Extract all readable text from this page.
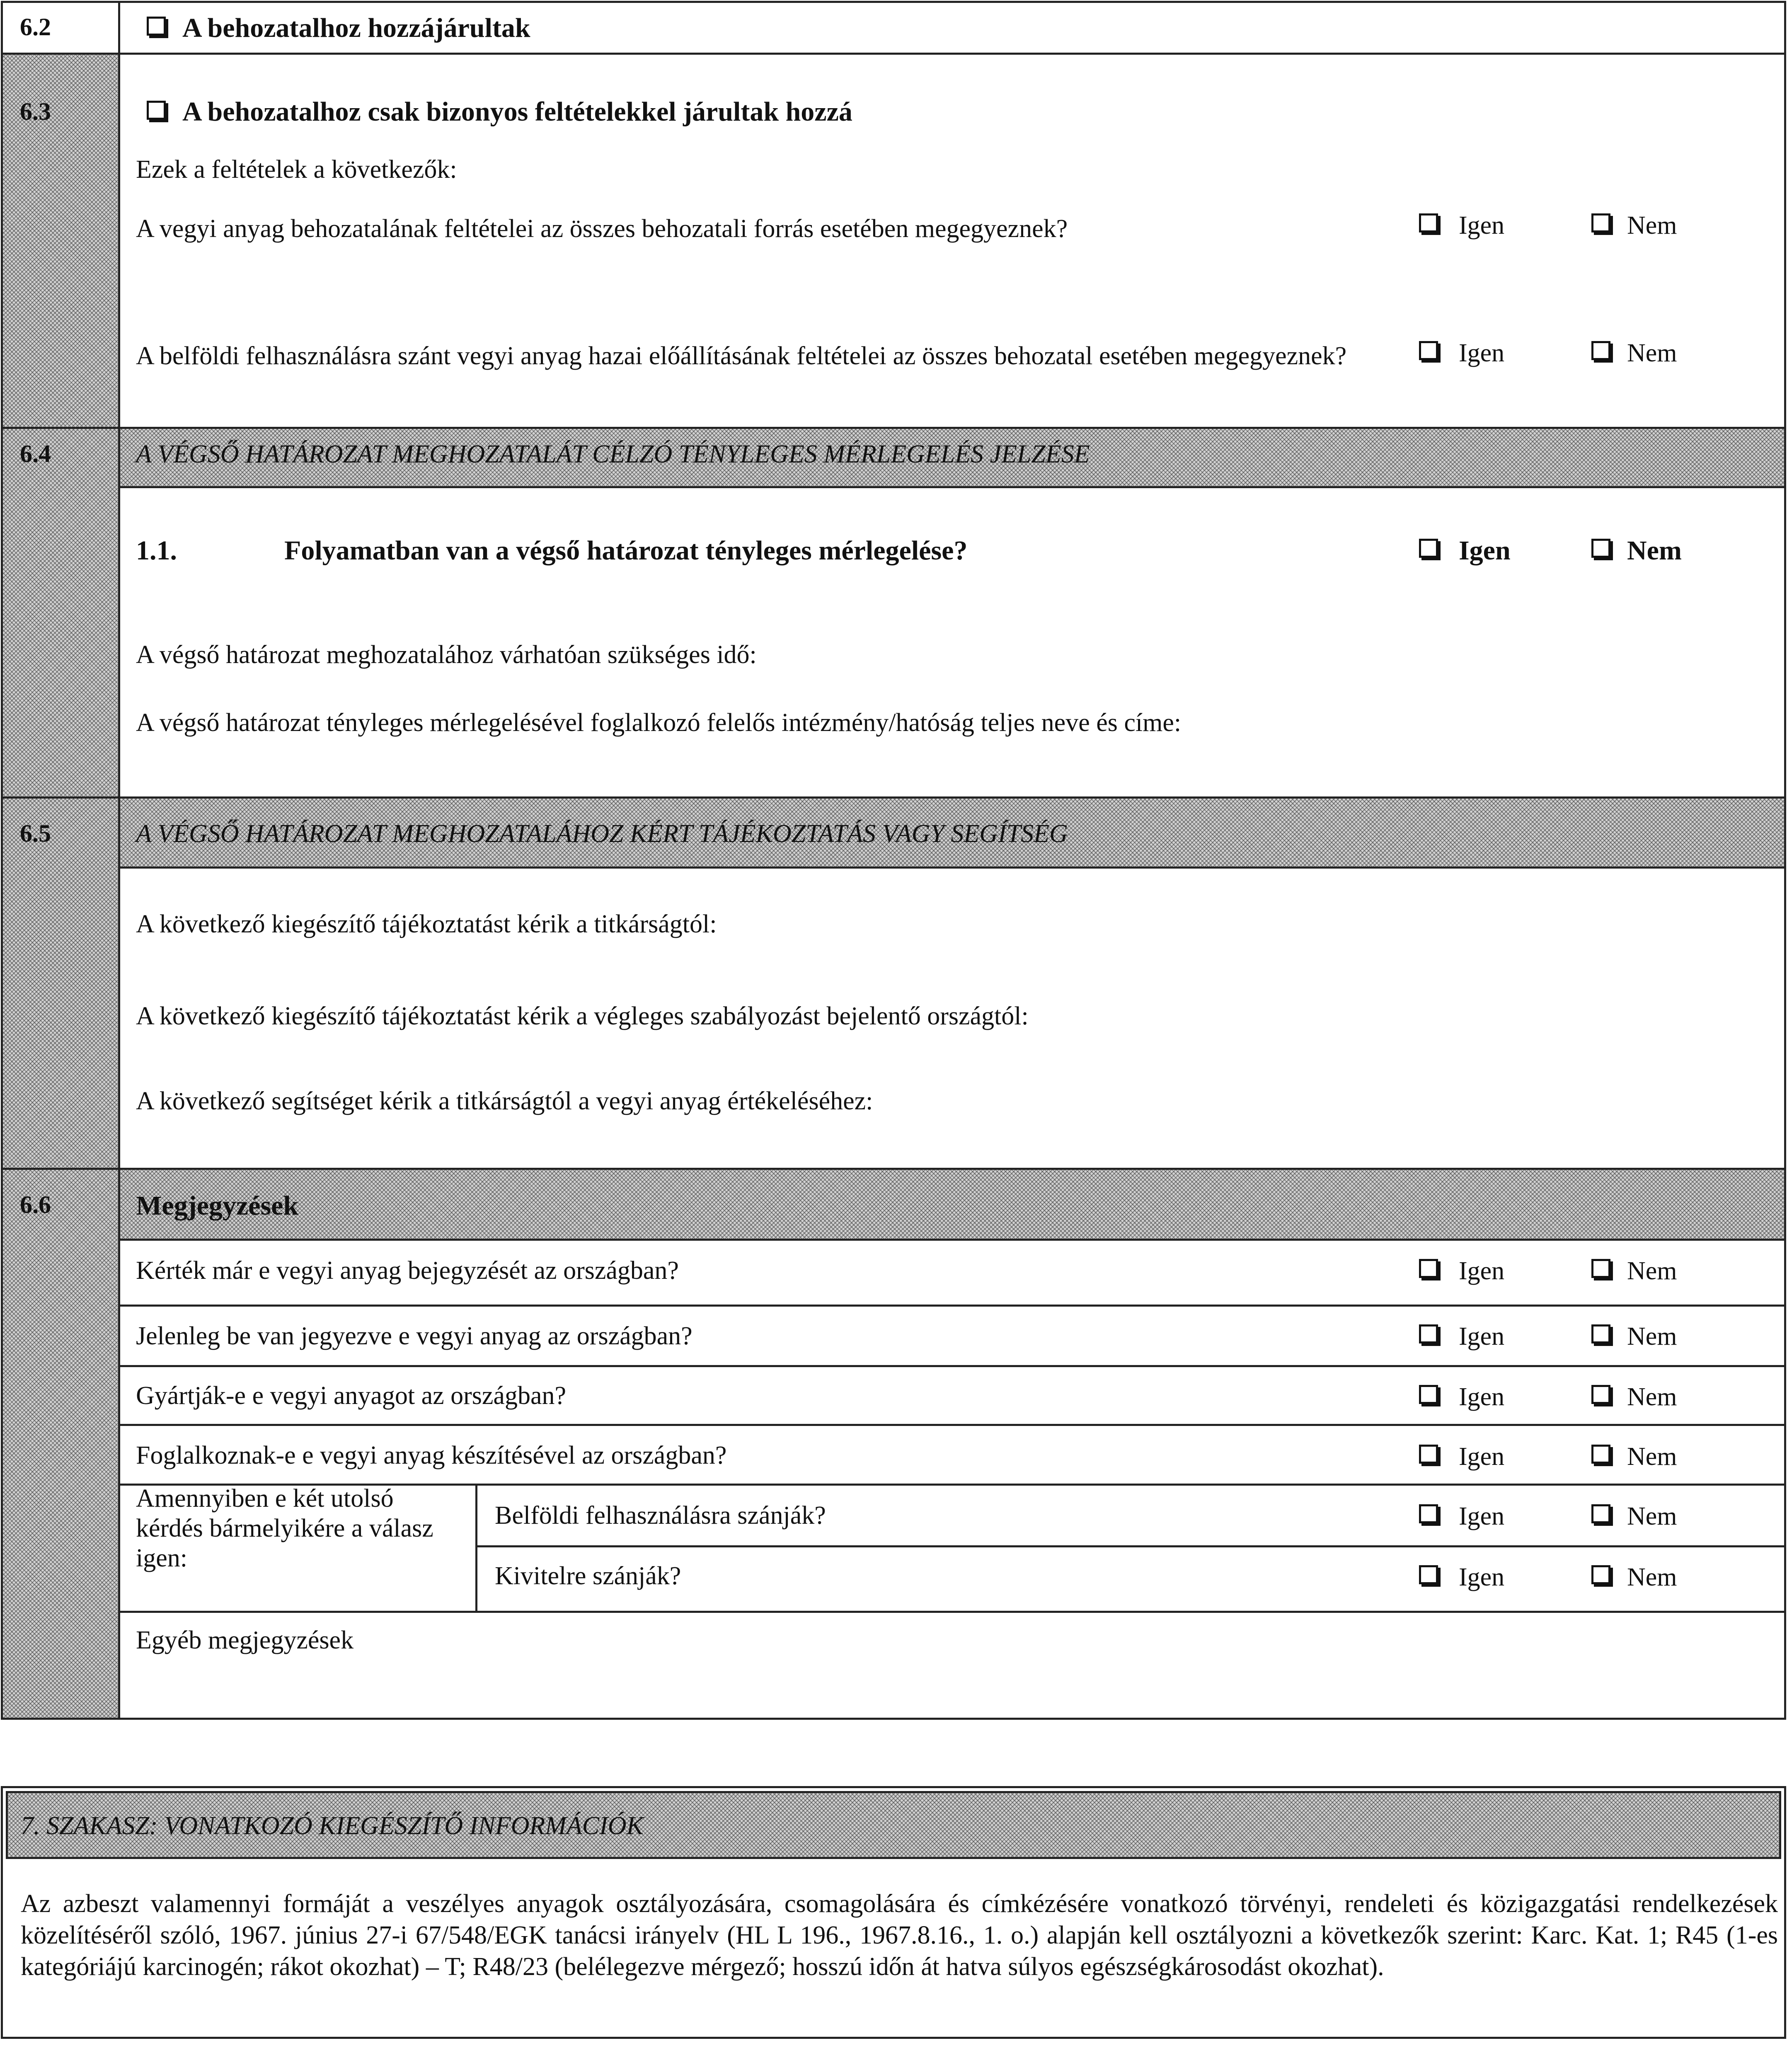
6.2	A behozatalhoz hozzájárultak
6.3	A behozatalhoz csak bizonyos feltételekkel járultak hozzá
Ezek a feltételek a következők:
A vegyi anyag behozatalának feltételei az összes behozatali forrás esetében megegyeznek?	Igen	Nem
A belföldi felhasználásra szánt vegyi anyag hazai előállításának feltételei az összes behozatal esetében megegyeznek?	Igen	Nem
6.4	A VÉGSŐ HATÁROZAT MEGHOZATALÁT CÉLZÓ TÉNYLEGES MÉRLEGELÉS JELZÉSE
1.1.	Folyamatban van a végső határozat tényleges mérlegelése?	Igen	Nem
A végső határozat meghozatalához várhatóan szükséges idő:
A végső határozat tényleges mérlegelésével foglalkozó felelős intézmény/hatóság teljes neve és címe:
6.5	A VÉGSŐ HATÁROZAT MEGHOZATALÁHOZ KÉRT TÁJÉKOZTATÁS VAGY SEGÍTSÉG
A következő kiegészítő tájékoztatást kérik a titkárságtól:
A következő kiegészítő tájékoztatást kérik a végleges szabályozást bejelentő országtól:
A következő segítséget kérik a titkárságtól a vegyi anyag értékeléséhez:
6.6	Megjegyzések
Kérték már e vegyi anyag bejegyzését az országban?	Igen	Nem
Jelenleg be van jegyezve e vegyi anyag az országban?	Igen	Nem
Gyártják-e e vegyi anyagot az országban?	Igen	Nem
Foglalkoznak-e e vegyi anyag készítésével az országban?	Igen	Nem
Amennyiben e két utolsó
kérdés bármelyikére a válasz
igen:
Belföldi felhasználásra szánják?	Igen	Nem
Kivitelre szánják?	Igen	Nem
Egyéb megjegyzések
7. SZAKASZ: VONATKOZÓ KIEGÉSZÍTŐ INFORMÁCIÓK
Az azbeszt valamennyi formáját a veszélyes anyagok osztályozására, csomagolására és címkézésére vonatkozó törvényi, rendeleti és közigazgatási rendelkezések közelítéséről szóló, 1967. június 27-i 67/548/EGK tanácsi irányelv (HL L 196., 1967.8.16., 1. o.) alapján kell osztályozni a következők szerint: Karc. Kat. 1; R45 (1-es kategóriájú karcinogén; rákot okozhat) – T; R48/23 (belélegezve mérgező; hosszú időn át hatva súlyos egészségkárosodást okozhat).
